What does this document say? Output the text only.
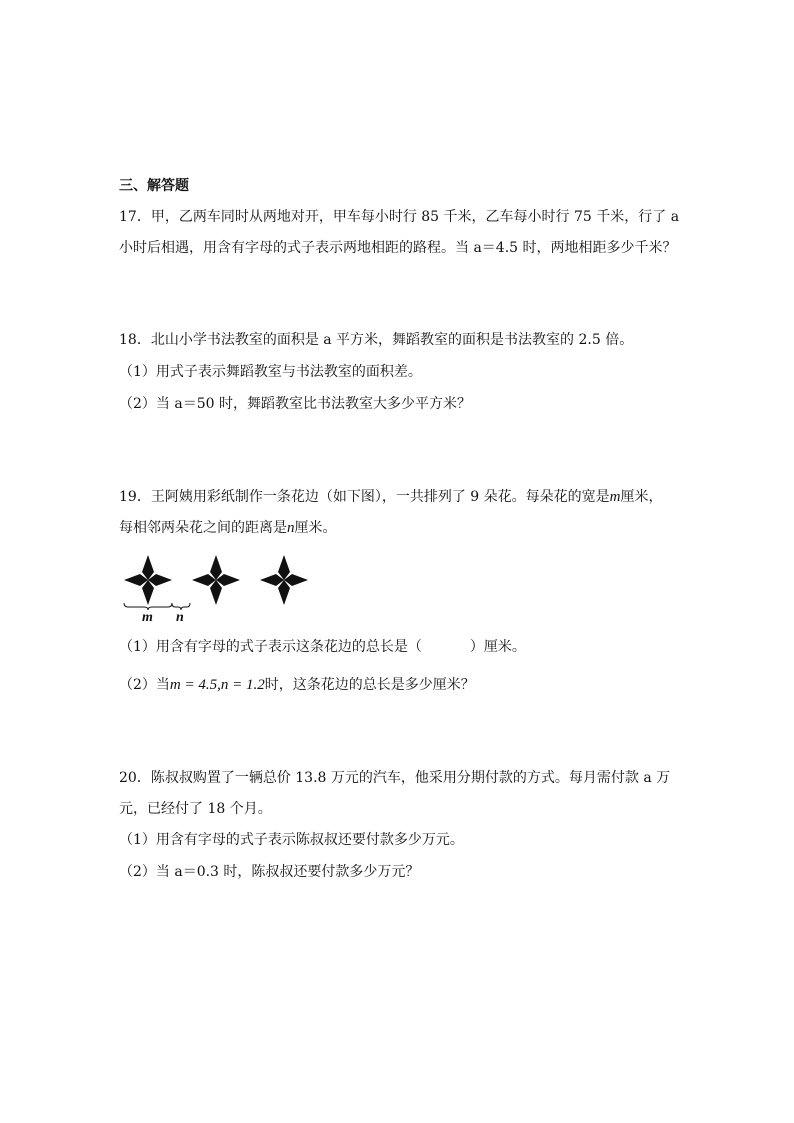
三、解答题
17．甲，乙两车同时从两地对开，甲车每小时行 85 千米，乙车每小时行 75 千米，行了 a
小时后相遇，用含有字母的式子表示两地相距的路程。当 a＝4.5 时，两地相距多少千米？
18．北山小学书法教室的面积是 a 平方米，舞蹈教室的面积是书法教室的 2.5 倍。
（1）用式子表示舞蹈教室与书法教室的面积差。
（2）当 a＝50 时，舞蹈教室比书法教室大多少平方米？
19．王阿姨用彩纸制作一条花边（如下图），一共排列了 9 朵花。每朵花的宽是m厘米，
每相邻两朵花之间的距离是n厘米。
m n
（1）用含有字母的式子表示这条花边的总长是（	）厘米。
（2）当m = 4.5,n = 1.2时，这条花边的总长是多少厘米？
20．陈叔叔购置了一辆总价 13.8 万元的汽车，他采用分期付款的方式。每月需付款 a 万
元，已经付了 18 个月。
（1）用含有字母的式子表示陈叔叔还要付款多少万元。
（2）当 a＝0.3 时，陈叔叔还要付款多少万元？
